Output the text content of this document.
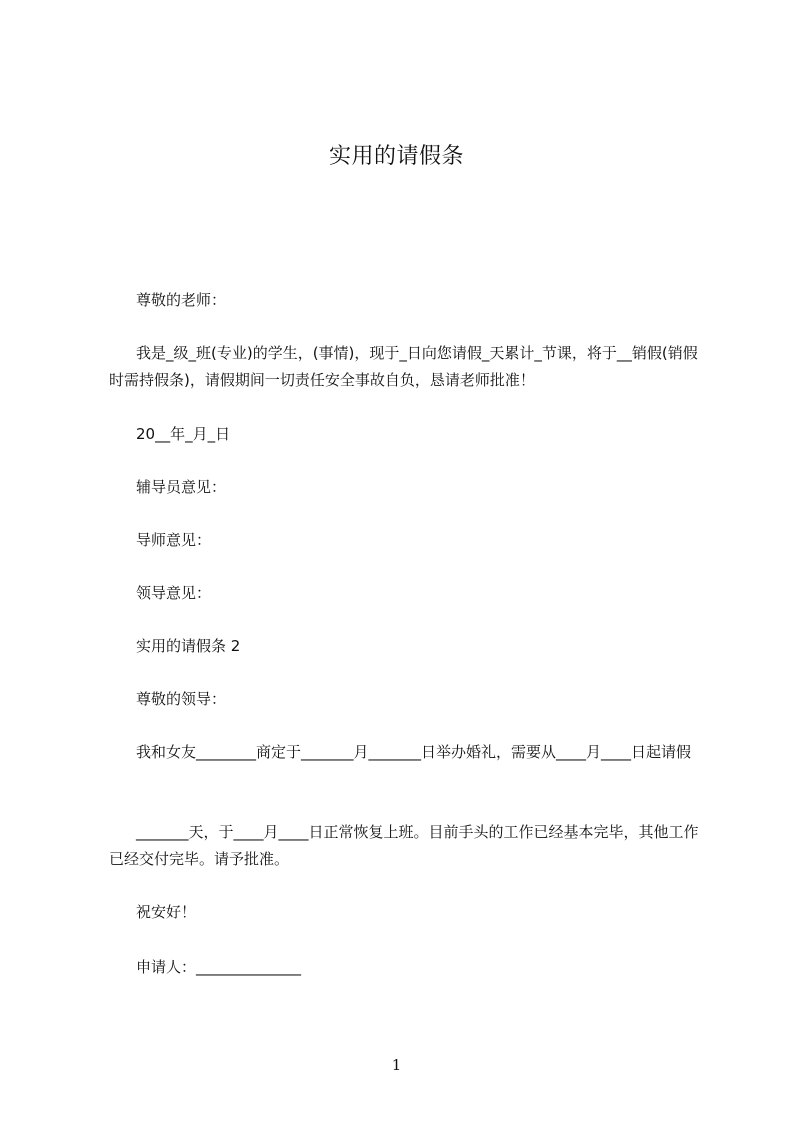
实用的请假条
尊敬的老师：
我是_级_班(专业)的学生，(事情)，现于_日向您请假_天累计_节课，将于__销假(销假时需持假条)，请假期间一切责任安全事故自负，恳请老师批准！
20__年_月_日
辅导员意见：
导师意见：
领导意见：
实用的请假条 2
尊敬的领导：
我和女友________商定于_______月_______日举办婚礼，需要从____月____日起请假
_______天，于____月____日正常恢复上班。目前手头的工作已经基本完毕，其他工作已经交付完毕。请予批准。
祝安好！
申请人：______________
1
